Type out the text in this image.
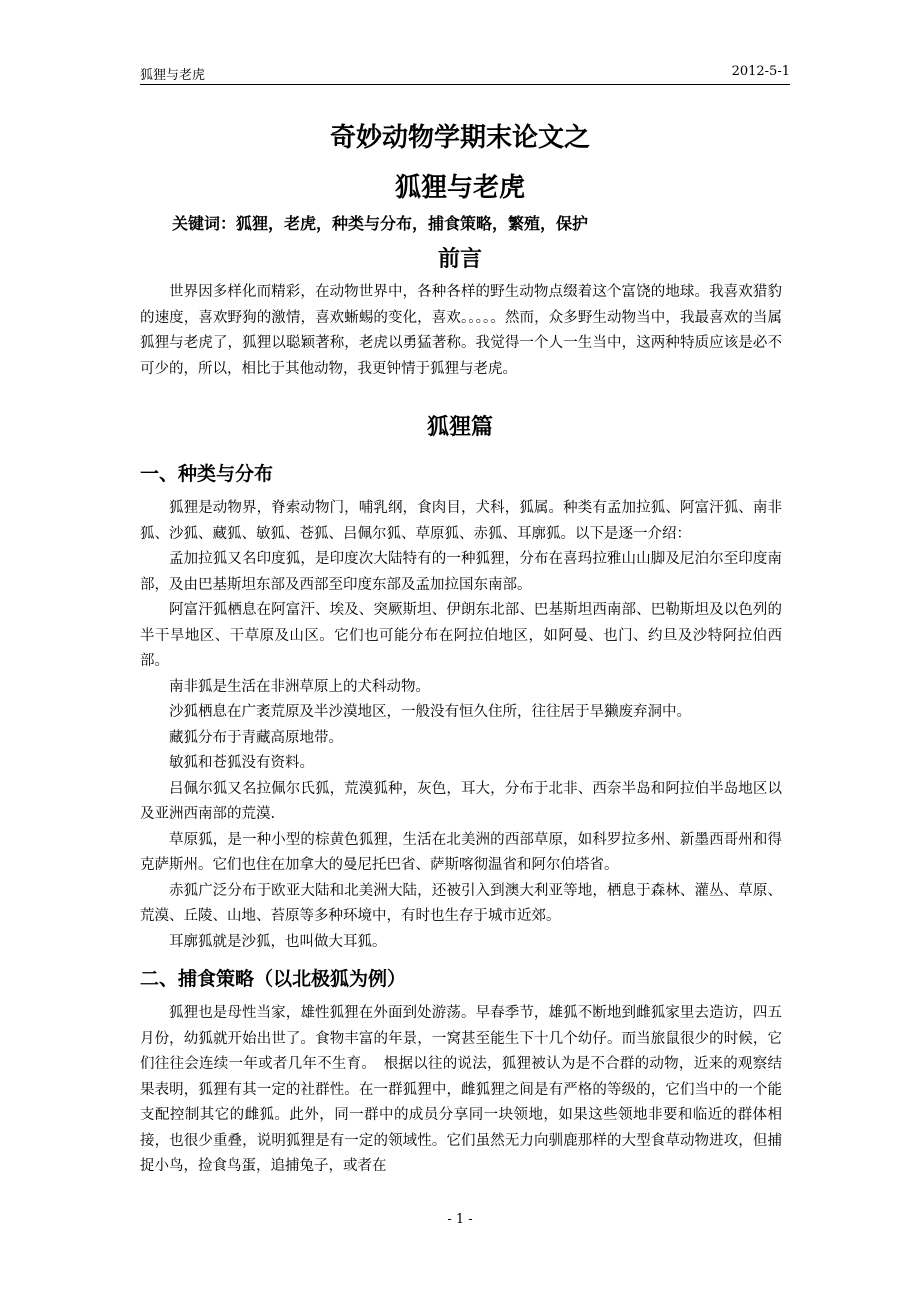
狐狸与老虎	2012-5-1
奇妙动物学期末论文之
狐狸与老虎
关键词：狐狸，老虎，种类与分布，捕食策略，繁殖，保护
前言

世界因多样化而精彩，在动物世界中，各种各样的野生动物点缀着这个富饶的地球。我喜欢猎豹的速度，喜欢野狗的激情，喜欢蜥蜴的变化，喜欢。。。。。然而，众多野生动物当中，我最喜欢的当属狐狸与老虎了，狐狸以聪颖著称，老虎以勇猛著称。我觉得一个人一生当中，这两种特质应该是必不可少的，所以，相比于其他动物，我更钟情于狐狸与老虎。

狐狸篇
一、种类与分布

狐狸是动物界，脊索动物门，哺乳纲，食肉目，犬科，狐属。种类有孟加拉狐、阿富汗狐、南非狐、沙狐、藏狐、敏狐、苍狐、吕佩尔狐、草原狐、赤狐、耳廓狐。以下是逐一介绍：

孟加拉狐又名印度狐，是印度次大陆特有的一种狐狸，分布在喜玛拉雅山山脚及尼泊尔至印度南部，及由巴基斯坦东部及西部至印度东部及孟加拉国东南部。

阿富汗狐栖息在阿富汗、埃及、突厥斯坦、伊朗东北部、巴基斯坦西南部、巴勒斯坦及以色列的半干旱地区、干草原及山区。它们也可能分布在阿拉伯地区，如阿曼、也门、约旦及沙特阿拉伯西部。

南非狐是生活在非洲草原上的犬科动物。

沙狐栖息在广袤荒原及半沙漠地区，一般没有恒久住所，往往居于旱獭废弃洞中。

藏狐分布于青藏高原地带。

敏狐和苍狐没有资料。

吕佩尔狐又名拉佩尔氏狐，荒漠狐种，灰色，耳大，分布于北非、西奈半岛和阿拉伯半岛地区以及亚洲西南部的荒漠.

草原狐，是一种小型的棕黄色狐狸，生活在北美洲的西部草原，如科罗拉多州、新墨西哥州和得克萨斯州。它们也住在加拿大的曼尼托巴省、萨斯喀彻温省和阿尔伯塔省。

赤狐广泛分布于欧亚大陆和北美洲大陆，还被引入到澳大利亚等地，栖息于森林、灌丛、草原、荒漠、丘陵、山地、苔原等多种环境中，有时也生存于城市近郊。

耳廓狐就是沙狐，也叫做大耳狐。

二、捕食策略（以北极狐为例）

狐狸也是母性当家，雄性狐狸在外面到处游荡。早春季节，雄狐不断地到雌狐家里去造访，四五月份，幼狐就开始出世了。食物丰富的年景，一窝甚至能生下十几个幼仔。而当旅鼠很少的时候，它们往往会连续一年或者几年不生育。　根据以往的说法，狐狸被认为是不合群的动物，近来的观察结果表明，狐狸有其一定的社群性。在一群狐狸中，雌狐狸之间是有严格的等级的，它们当中的一个能支配控制其它的雌狐。此外，同一群中的成员分享同一块领地，如果这些领地非要和临近的群体相接，也很少重叠，说明狐狸是有一定的领域性。它们虽然无力向驯鹿那样的大型食草动物进攻，但捕捉小鸟，捡食鸟蛋，追捕兔子，或者在

- 1 -
